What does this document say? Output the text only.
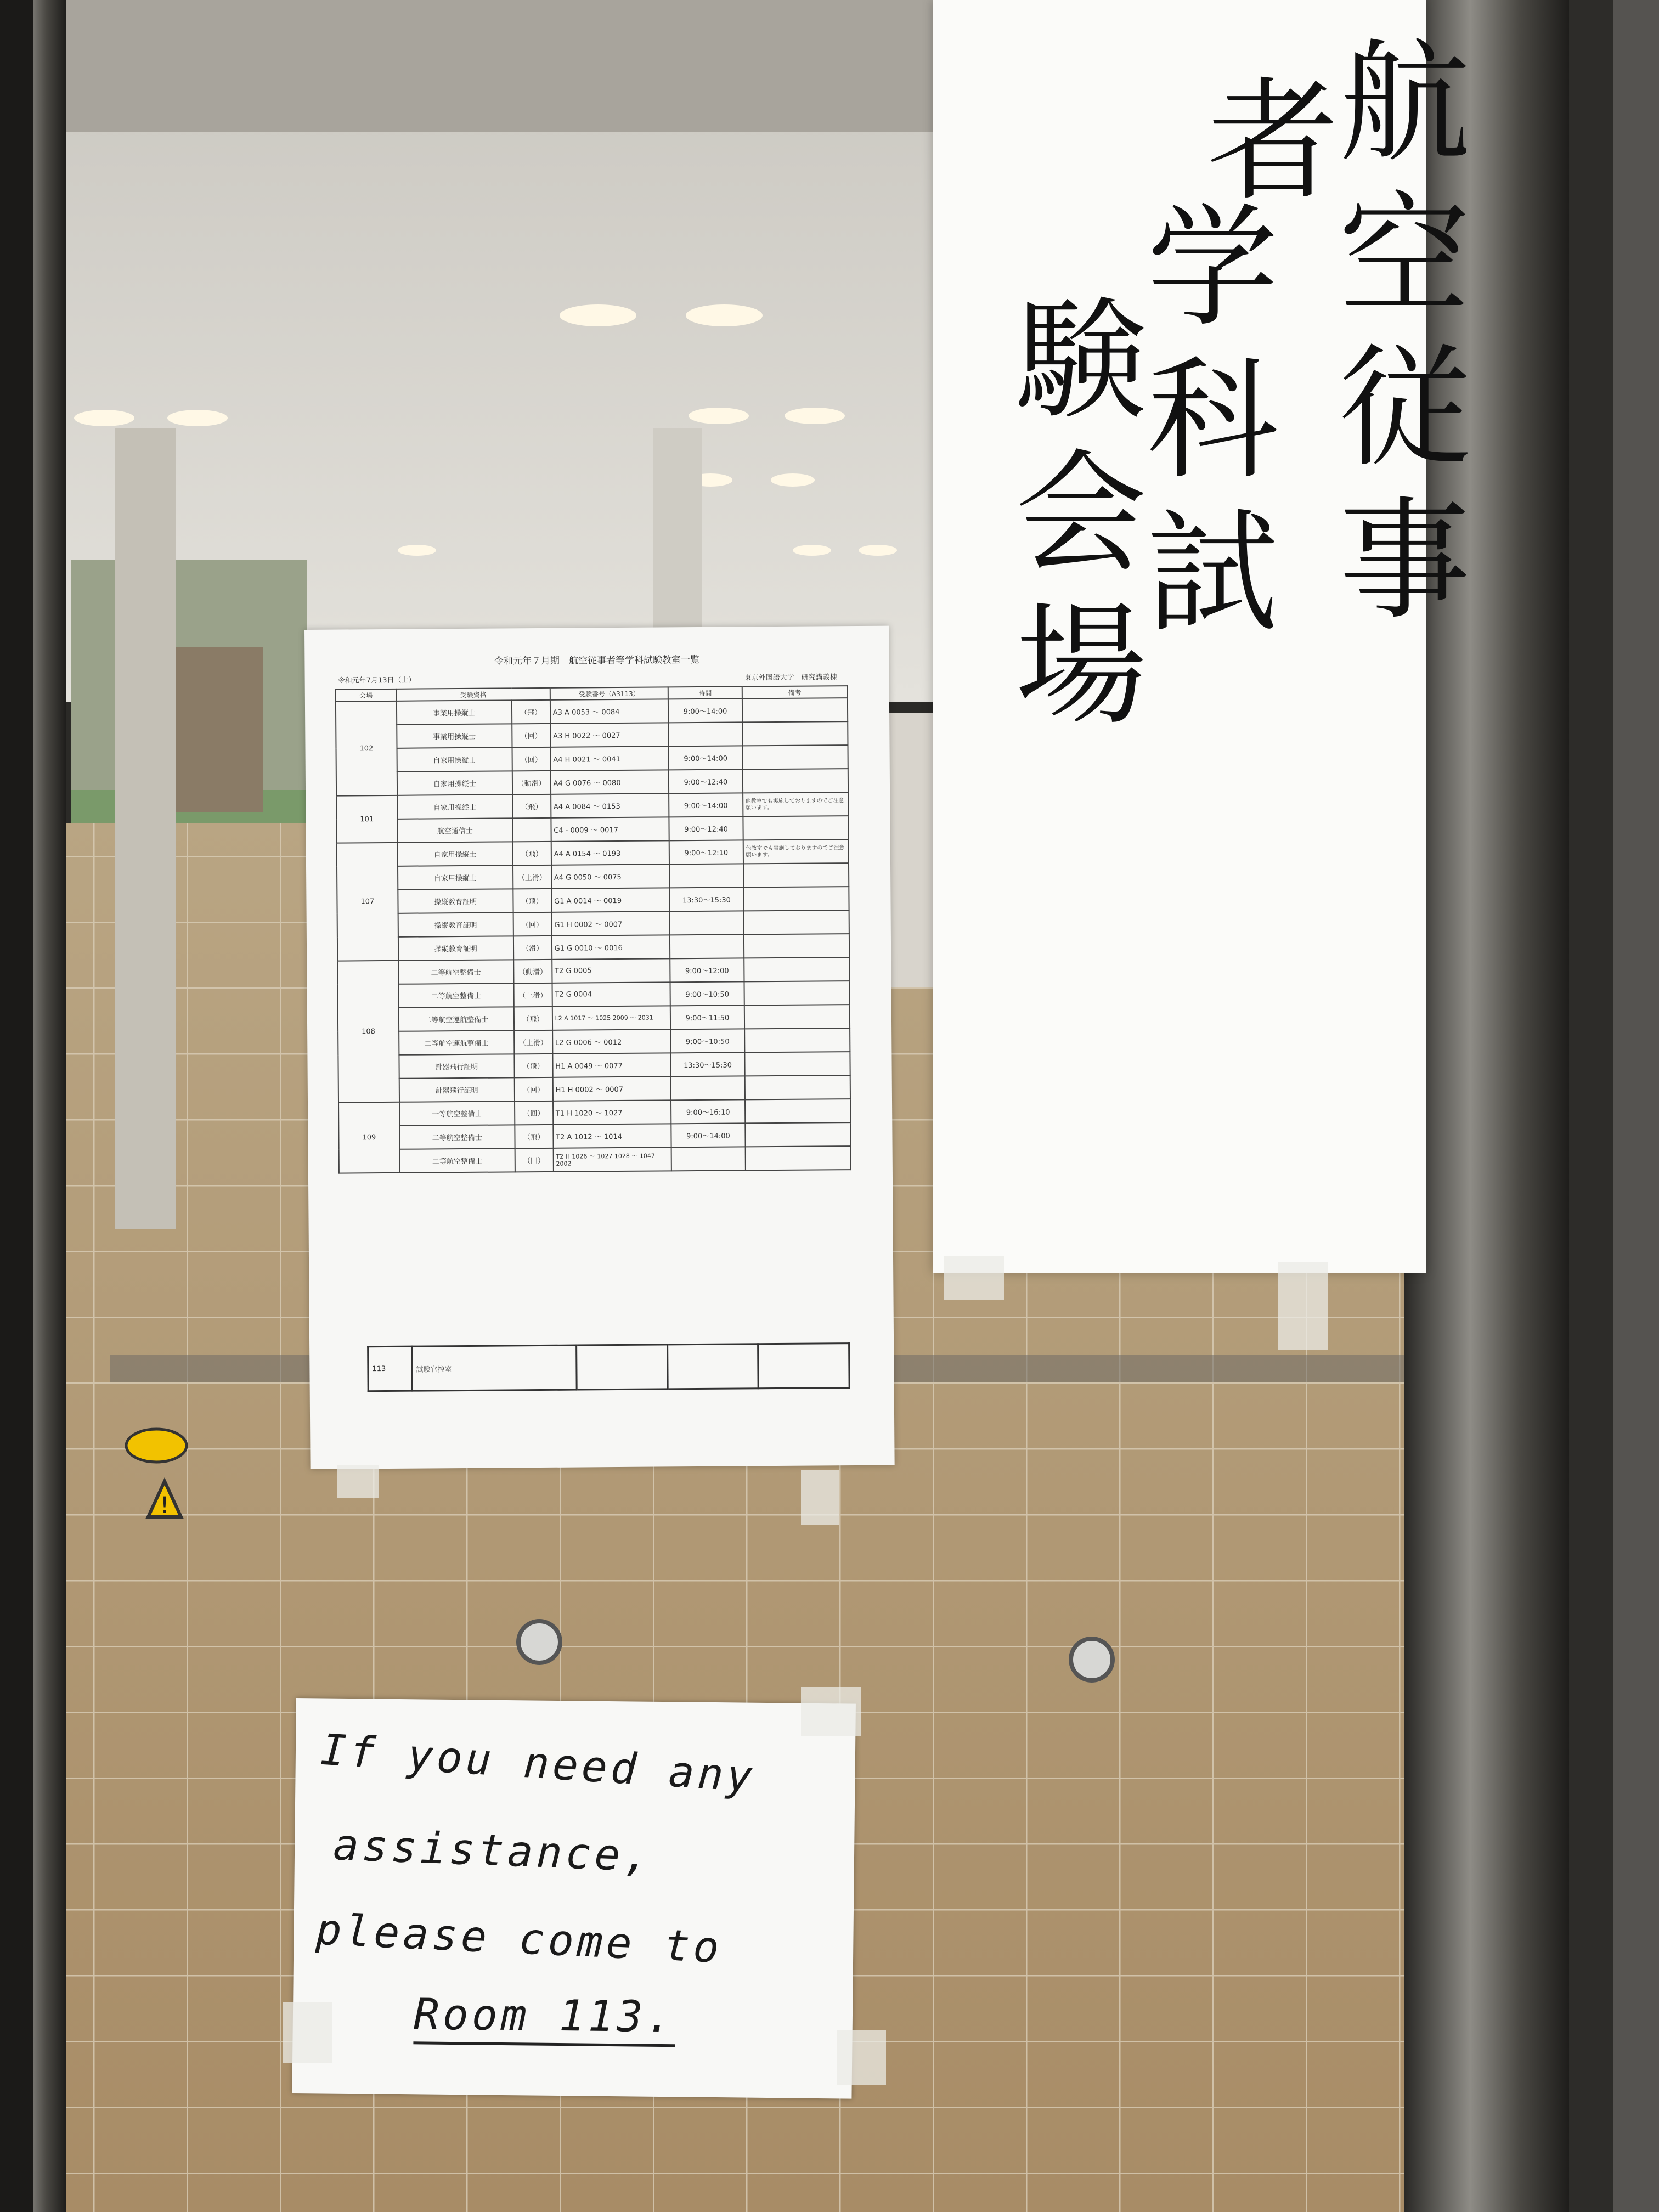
!
航空従事
者
学科試
験会場
令和元年７月期　航空従事者等学科試験教室一覧
令和元年7月13日（土）	東京外国語大学　研究講義棟
会場	受験資格		受験番号（A3113）	時間	備考
102	事業用操縦士	（飛）	A3 A 0053 ～ 0084	9:00～14:00	
	事業用操縦士	（回）	A3 H 0022 ～ 0027		
	自家用操縦士	（回）	A4 H 0021 ～ 0041	9:00～14:00	
	自家用操縦士	（動滑）	A4 G 0076 ～ 0080	9:00～12:40	
101	自家用操縦士	（飛）	A4 A 0084 ～ 0153	9:00～14:00	他教室でも実施しておりますのでご注意願います。
	航空通信士		C4 - 0009 ～ 0017	9:00～12:40	
107	自家用操縦士	（飛）	A4 A 0154 ～ 0193	9:00～12:10	他教室でも実施しておりますのでご注意願います。
	自家用操縦士	（上滑）	A4 G 0050 ～ 0075		
	操縦教育証明	（飛）	G1 A 0014 ～ 0019	13:30～15:30	
	操縦教育証明	（回）	G1 H 0002 ～ 0007		
	操縦教育証明	（滑）	G1 G 0010 ～ 0016		
108	二等航空整備士	（動滑）	T2 G 0005	9:00～12:00	
	二等航空整備士	（上滑）	T2 G 0004	9:00～10:50	
	二等航空運航整備士	（飛）	L2 A 1017 ～ 1025 2009 ～ 2031	9:00～11:50	
	二等航空運航整備士	（上滑）	L2 G 0006 ～ 0012	9:00～10:50	
	計器飛行証明	（飛）	H1 A 0049 ～ 0077	13:30～15:30	
	計器飛行証明	（回）	H1 H 0002 ～ 0007		
109	一等航空整備士	（回）	T1 H 1020 ～ 1027	9:00～16:10	
	二等航空整備士	（飛）	T2 A 1012 ～ 1014	9:00～14:00	
	二等航空整備士	（回）	T2 H 1026 ～ 1027 1028 ～ 1047 2002		
113	試験官控室			
If you need any
assistance,
please come to
Room 113.
